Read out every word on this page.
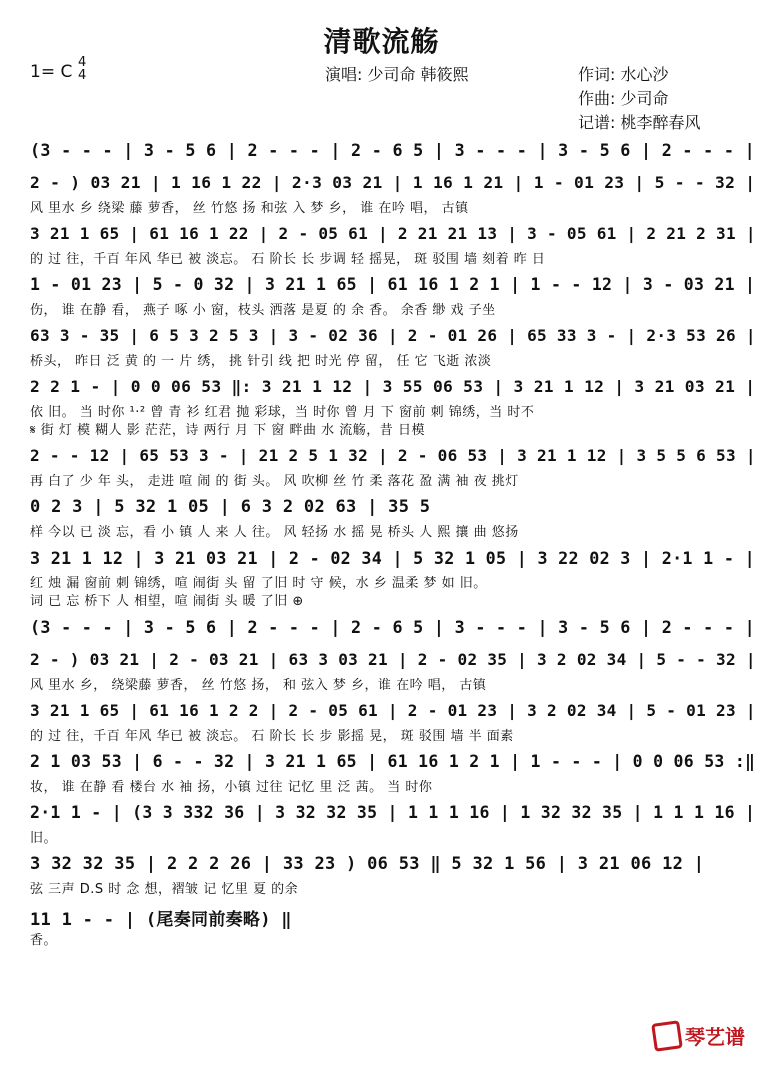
清歌流觞
1= C 4
4	演唱: 少司命 韩筱熙	作词: 水心沙
作曲: 少司命
记谱: 桃李醉春风
(3 - - - | 3 - 5 6 | 2 - - - | 2 - 6 5 | 3 - - - | 3 - 5 6 | 2 - - - |
2 - ) 03 21 | 1 16 1 22 | 2·3 03 21 | 1 16 1 21 | 1 - 01 23 | 5 - - 32 |
风 里水 乡 绕梁 藤 萝香， 丝 竹悠 扬 和弦 入 梦 乡， 谁 在吟 唱， 古镇
3 21 1 65 | 61 16 1 22 | 2 - 05 61 | 2 21 21 13 | 3 - 05 61 | 2 21 2 31 |
的 过 往，千百 年风 华已 被 淡忘。 石 阶长 长 步调 轻 摇晃， 斑 驳围 墙 刻着 昨 日
1 - 01 23 | 5 - 0 32 | 3 21 1 65 | 61 16 1 2 1 | 1 - - 12 | 3 - 03 21 |
伤， 谁 在静 看， 燕子 啄 小 窗，枝头 洒落 是夏 的 余 香。 余香 缈 戏 子坐
63 3 - 35 | 6 5 3 2 5 3 | 3 - 02 36 | 2 - 01 26 | 65 33 3 - | 2·3 53 26 |
桥头， 昨日 泛 黄 的 一 片 绣， 挑 针引 线 把 时光 停 留， 任 它 飞逝 浓淡
2 2 1 - | 0 0 06 53 ‖: 3 21 1 12 | 3 55 06 53 | 3 21 1 12 | 3 21 03 21 |
依 旧。 当 时你 ¹·² 曾 青 衫 红君 抛 彩球，当 时你 曾 月 下 窗前 刺 锦绣，当 时不
𝄋 街 灯 模 糊人 影 茫茫，诗 两行 月 下 窗 畔曲 水 流觞，昔 日模
2 - - 12 | 65 53 3 - | 21 2 5 1 32 | 2 - 06 53 | 3 21 1 12 | 3 5 5 6 53 |
再 白了 少 年 头， 走进 喧 闹 的 街 头。 风 吹柳 丝 竹 柔 落花 盈 满 袖 夜 挑灯
0 2 3 | 5 32 1 05 | 6 3 2 02 63 | 35 5
样 今以 已 淡 忘，看 小 镇 人 来 人 往。 风 轻扬 水 摇 晃 桥头 人 熙 攘 曲 悠扬
3 21 1 12 | 3 21 03 21 | 2 - 02 34 | 5 32 1 05 | 3 22 02 3 | 2·1 1 - |
红 烛 漏 窗前 刺 锦绣，喧 闹街 头 留 了旧 时 守 候，水 乡 温柔 梦 如 旧。
词 已 忘 桥下 人 相望，喧 闹街 头 暖 了旧 ⊕
(3 - - - | 3 - 5 6 | 2 - - - | 2 - 6 5 | 3 - - - | 3 - 5 6 | 2 - - - |
2 - ) 03 21 | 2 - 03 21 | 63 3 03 21 | 2 - 02 35 | 3 2 02 34 | 5 - - 32 |
风 里水 乡， 绕梁藤 萝香， 丝 竹悠 扬， 和 弦入 梦 乡，谁 在吟 唱， 古镇
3 21 1 65 | 61 16 1 2 2 | 2 - 05 61 | 2 - 01 23 | 3 2 02 34 | 5 - 01 23 |
的 过 往，千百 年风 华已 被 淡忘。 石 阶长 长 步 影摇 晃， 斑 驳围 墙 半 面素
2 1 03 53 | 6 - - 32 | 3 21 1 65 | 61 16 1 2 1 | 1 - - - | 0 0 06 53 :‖
妆， 谁 在静 看 楼台 水 袖 扬，小镇 过往 记忆 里 泛 茜。 当 时你
2·1 1 - | (3 3 332 36 | 3 32 32 35 | 1 1 1 16 | 1 32 32 35 | 1 1 1 16 |
旧。
3 32 32 35 | 2 2 2 26 | 33 23 ) 06 53 ‖ 5 32 1 56 | 3 21 06 12 |
弦 三声 D.S 时 念 想，褶皱 记 忆里 夏 的余
11 1 - - | (尾奏同前奏略) ‖
香。
琴艺谱
